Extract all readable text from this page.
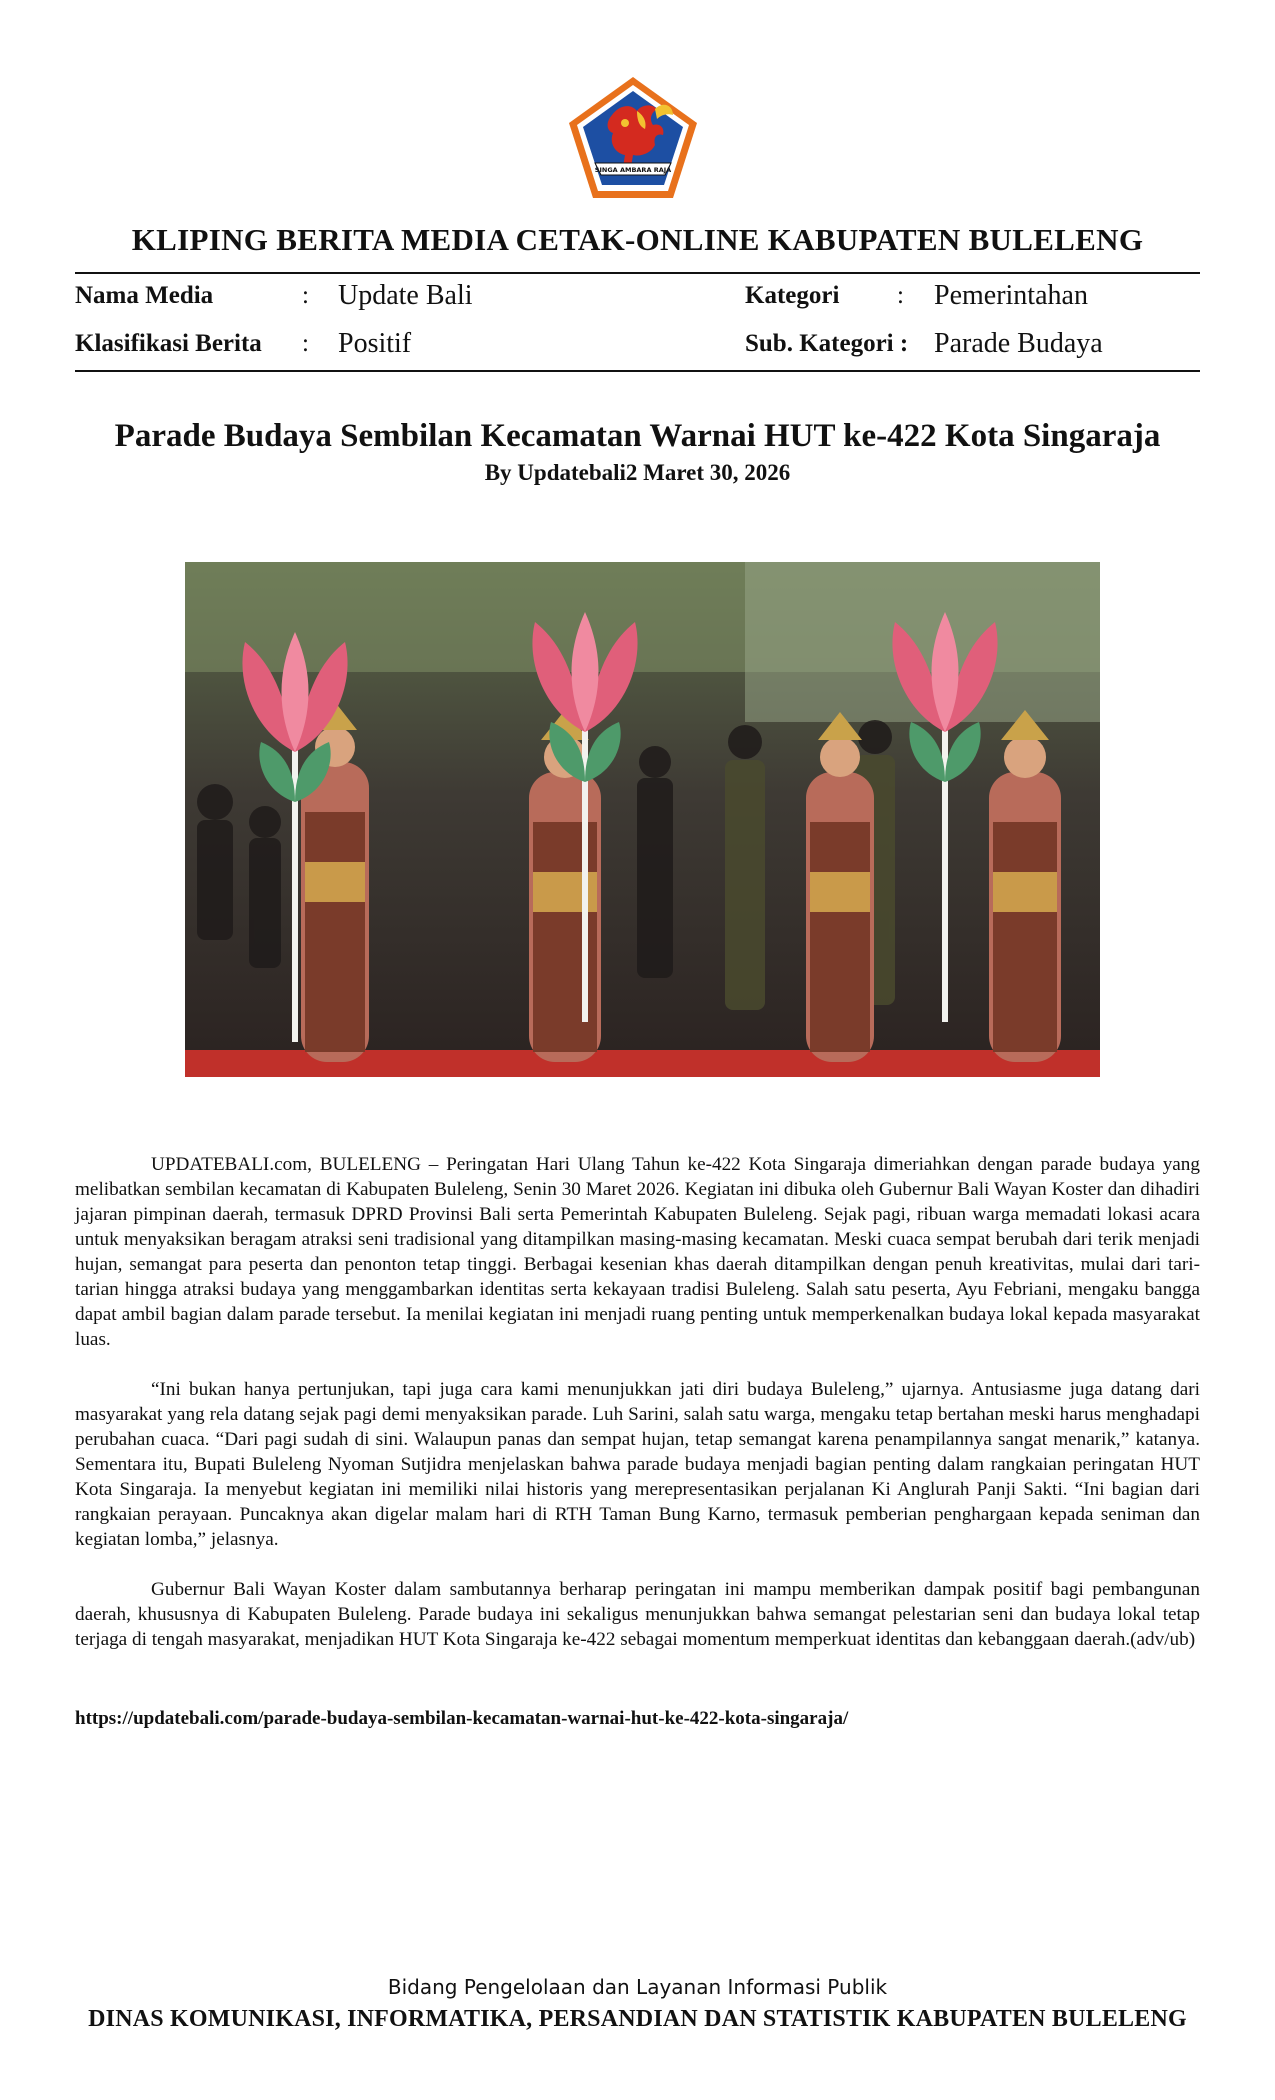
SINGA AMBARA RAJA
KLIPING BERITA MEDIA CETAK-ONLINE KABUPATEN BULELENG
Nama Media	: Update Bali
Klasifikasi Berita : Positif
Kategori : Pemerintahan
Sub. Kategori : Parade Budaya
Parade Budaya Sembilan Kecamatan Warnai HUT ke-422 Kota Singaraja
By Updatebali2 Maret 30, 2026

UPDATEBALI.com, BULELENG – Peringatan Hari Ulang Tahun ke-422 Kota Singaraja dimeriahkan dengan parade budaya yang melibatkan sembilan kecamatan di Kabupaten Buleleng, Senin 30 Maret 2026. Kegiatan ini dibuka oleh Gubernur Bali Wayan Koster dan dihadiri jajaran pimpinan daerah, termasuk DPRD Provinsi Bali serta Pemerintah Kabupaten Buleleng. Sejak pagi, ribuan warga memadati lokasi acara untuk menyaksikan beragam atraksi seni tradisional yang ditampilkan masing-masing kecamatan. Meski cuaca sempat berubah dari terik menjadi hujan, semangat para peserta dan penonton tetap tinggi. Berbagai kesenian khas daerah ditampilkan dengan penuh kreativitas, mulai dari tari-tarian hingga atraksi budaya yang menggambarkan identitas serta kekayaan tradisi Buleleng. Salah satu peserta, Ayu Febriani, mengaku bangga dapat ambil bagian dalam parade tersebut. Ia menilai kegiatan ini menjadi ruang penting untuk memperkenalkan budaya lokal kepada masyarakat luas.

“Ini bukan hanya pertunjukan, tapi juga cara kami menunjukkan jati diri budaya Buleleng,” ujarnya. Antusiasme juga datang dari masyarakat yang rela datang sejak pagi demi menyaksikan parade. Luh Sarini, salah satu warga, mengaku tetap bertahan meski harus menghadapi perubahan cuaca. “Dari pagi sudah di sini. Walaupun panas dan sempat hujan, tetap semangat karena penampilannya sangat menarik,” katanya. Sementara itu, Bupati Buleleng Nyoman Sutjidra menjelaskan bahwa parade budaya menjadi bagian penting dalam rangkaian peringatan HUT Kota Singaraja. Ia menyebut kegiatan ini memiliki nilai historis yang merepresentasikan perjalanan Ki Anglurah Panji Sakti. “Ini bagian dari rangkaian perayaan. Puncaknya akan digelar malam hari di RTH Taman Bung Karno, termasuk pemberian penghargaan kepada seniman dan kegiatan lomba,” jelasnya.

Gubernur Bali Wayan Koster dalam sambutannya berharap peringatan ini mampu memberikan dampak positif bagi pembangunan daerah, khususnya di Kabupaten Buleleng. Parade budaya ini sekaligus menunjukkan bahwa semangat pelestarian seni dan budaya lokal tetap terjaga di tengah masyarakat, menjadikan HUT Kota Singaraja ke-422 sebagai momentum memperkuat identitas dan kebanggaan daerah.(adv/ub)

https://updatebali.com/parade-budaya-sembilan-kecamatan-warnai-hut-ke-422-kota-singaraja/
Bidang Pengelolaan dan Layanan Informasi Publik
DINAS KOMUNIKASI, INFORMATIKA, PERSANDIAN DAN STATISTIK KABUPATEN BULELENG
